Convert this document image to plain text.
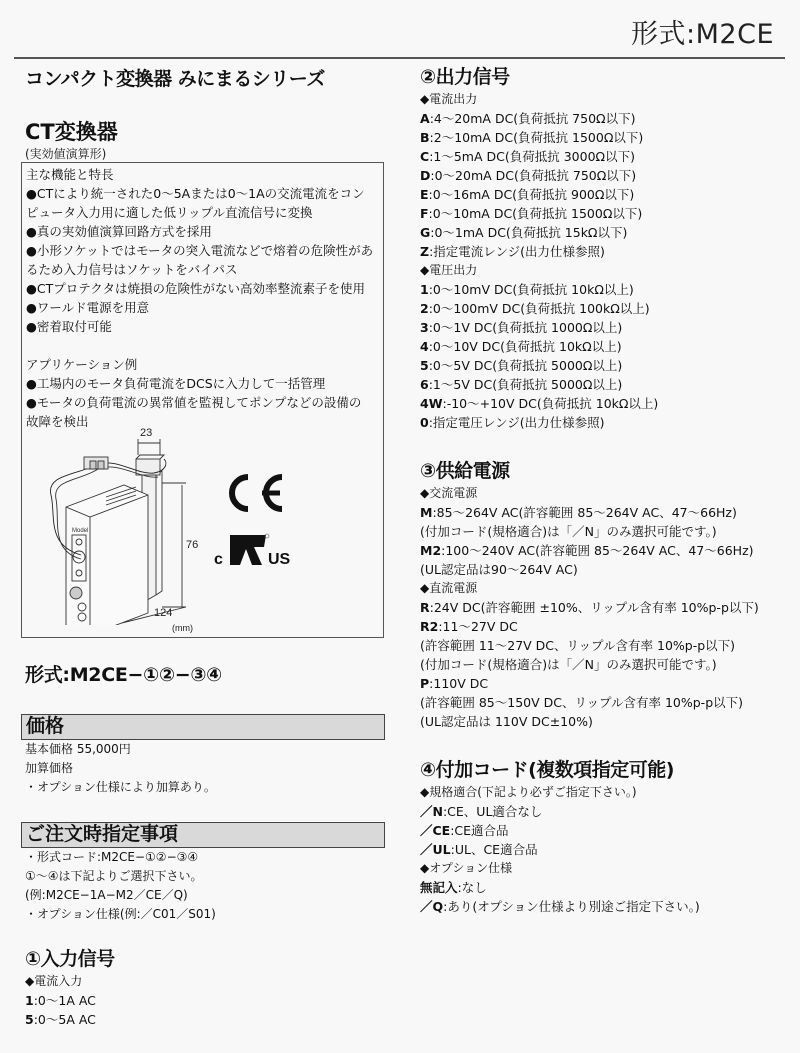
形式:M2CE
コンパクト変換器 みにまるシリーズ
CT変換器
(実効値演算形)
主な機能と特長
●CTにより統一された0～5Aまたは0～1Aの交流電流をコン
ピュータ入力用に適した低リップル直流信号に変換
●真の実効値演算回路方式を採用
●小形ソケットではモータの突入電流などで熔着の危険性があ
るため入力信号はソケットをバイパス
●CTプロテクタは焼損の危険性がない高効率整流素子を使用
●ワールド電源を用意
●密着取付可能
アプリケーション例
●工場内のモータ負荷電流をDCSに入力して一括管理
●モータの負荷電流の異常値を監視してポンプなどの設備の
故障を検出
Model
23
76
124
(mm)
c	US
形式:M2CE−①②−③④
価格
基本価格 55,000円
加算価格
・オプション仕様により加算あり。
ご注文時指定事項
・形式コード:M2CE−①②−③④
①～④は下記よりご選択下さい。
(例:M2CE−1A−M2／CE／Q)
・オプション仕様(例:／C01／S01)
①入力信号
◆電流入力
1:0～1A AC
5:0～5A AC
②出力信号
◆電流出力
A:4～20mA DC(負荷抵抗 750Ω以下)
B:2～10mA DC(負荷抵抗 1500Ω以下)
C:1～5mA DC(負荷抵抗 3000Ω以下)
D:0～20mA DC(負荷抵抗 750Ω以下)
E:0～16mA DC(負荷抵抗 900Ω以下)
F:0～10mA DC(負荷抵抗 1500Ω以下)
G:0～1mA DC(負荷抵抗 15kΩ以下)
Z:指定電流レンジ(出力仕様参照)
◆電圧出力
1:0～10mV DC(負荷抵抗 10kΩ以上)
2:0～100mV DC(負荷抵抗 100kΩ以上)
3:0～1V DC(負荷抵抗 1000Ω以上)
4:0～10V DC(負荷抵抗 10kΩ以上)
5:0～5V DC(負荷抵抗 5000Ω以上)
6:1～5V DC(負荷抵抗 5000Ω以上)
4W:-10～+10V DC(負荷抵抗 10kΩ以上)
0:指定電圧レンジ(出力仕様参照)
③供給電源
◆交流電源
M:85～264V AC(許容範囲 85～264V AC、47～66Hz)
(付加コード(規格適合)は「／N」のみ選択可能です。)
M2:100～240V AC(許容範囲 85～264V AC、47～66Hz)
(UL認定品は90～264V AC)
◆直流電源
R:24V DC(許容範囲 ±10%、リップル含有率 10%p-p以下)
R2:11～27V DC
(許容範囲 11～27V DC、リップル含有率 10%p-p以下)
(付加コード(規格適合)は「／N」のみ選択可能です。)
P:110V DC
(許容範囲 85～150V DC、リップル含有率 10%p-p以下)
(UL認定品は 110V DC±10%)
④付加コード(複数項指定可能)
◆規格適合(下記より必ずご指定下さい。)
／N:CE、UL適合なし
／CE:CE適合品
／UL:UL、CE適合品
◆オプション仕様
無記入:なし
／Q:あり(オプション仕様より別途ご指定下さい。)
